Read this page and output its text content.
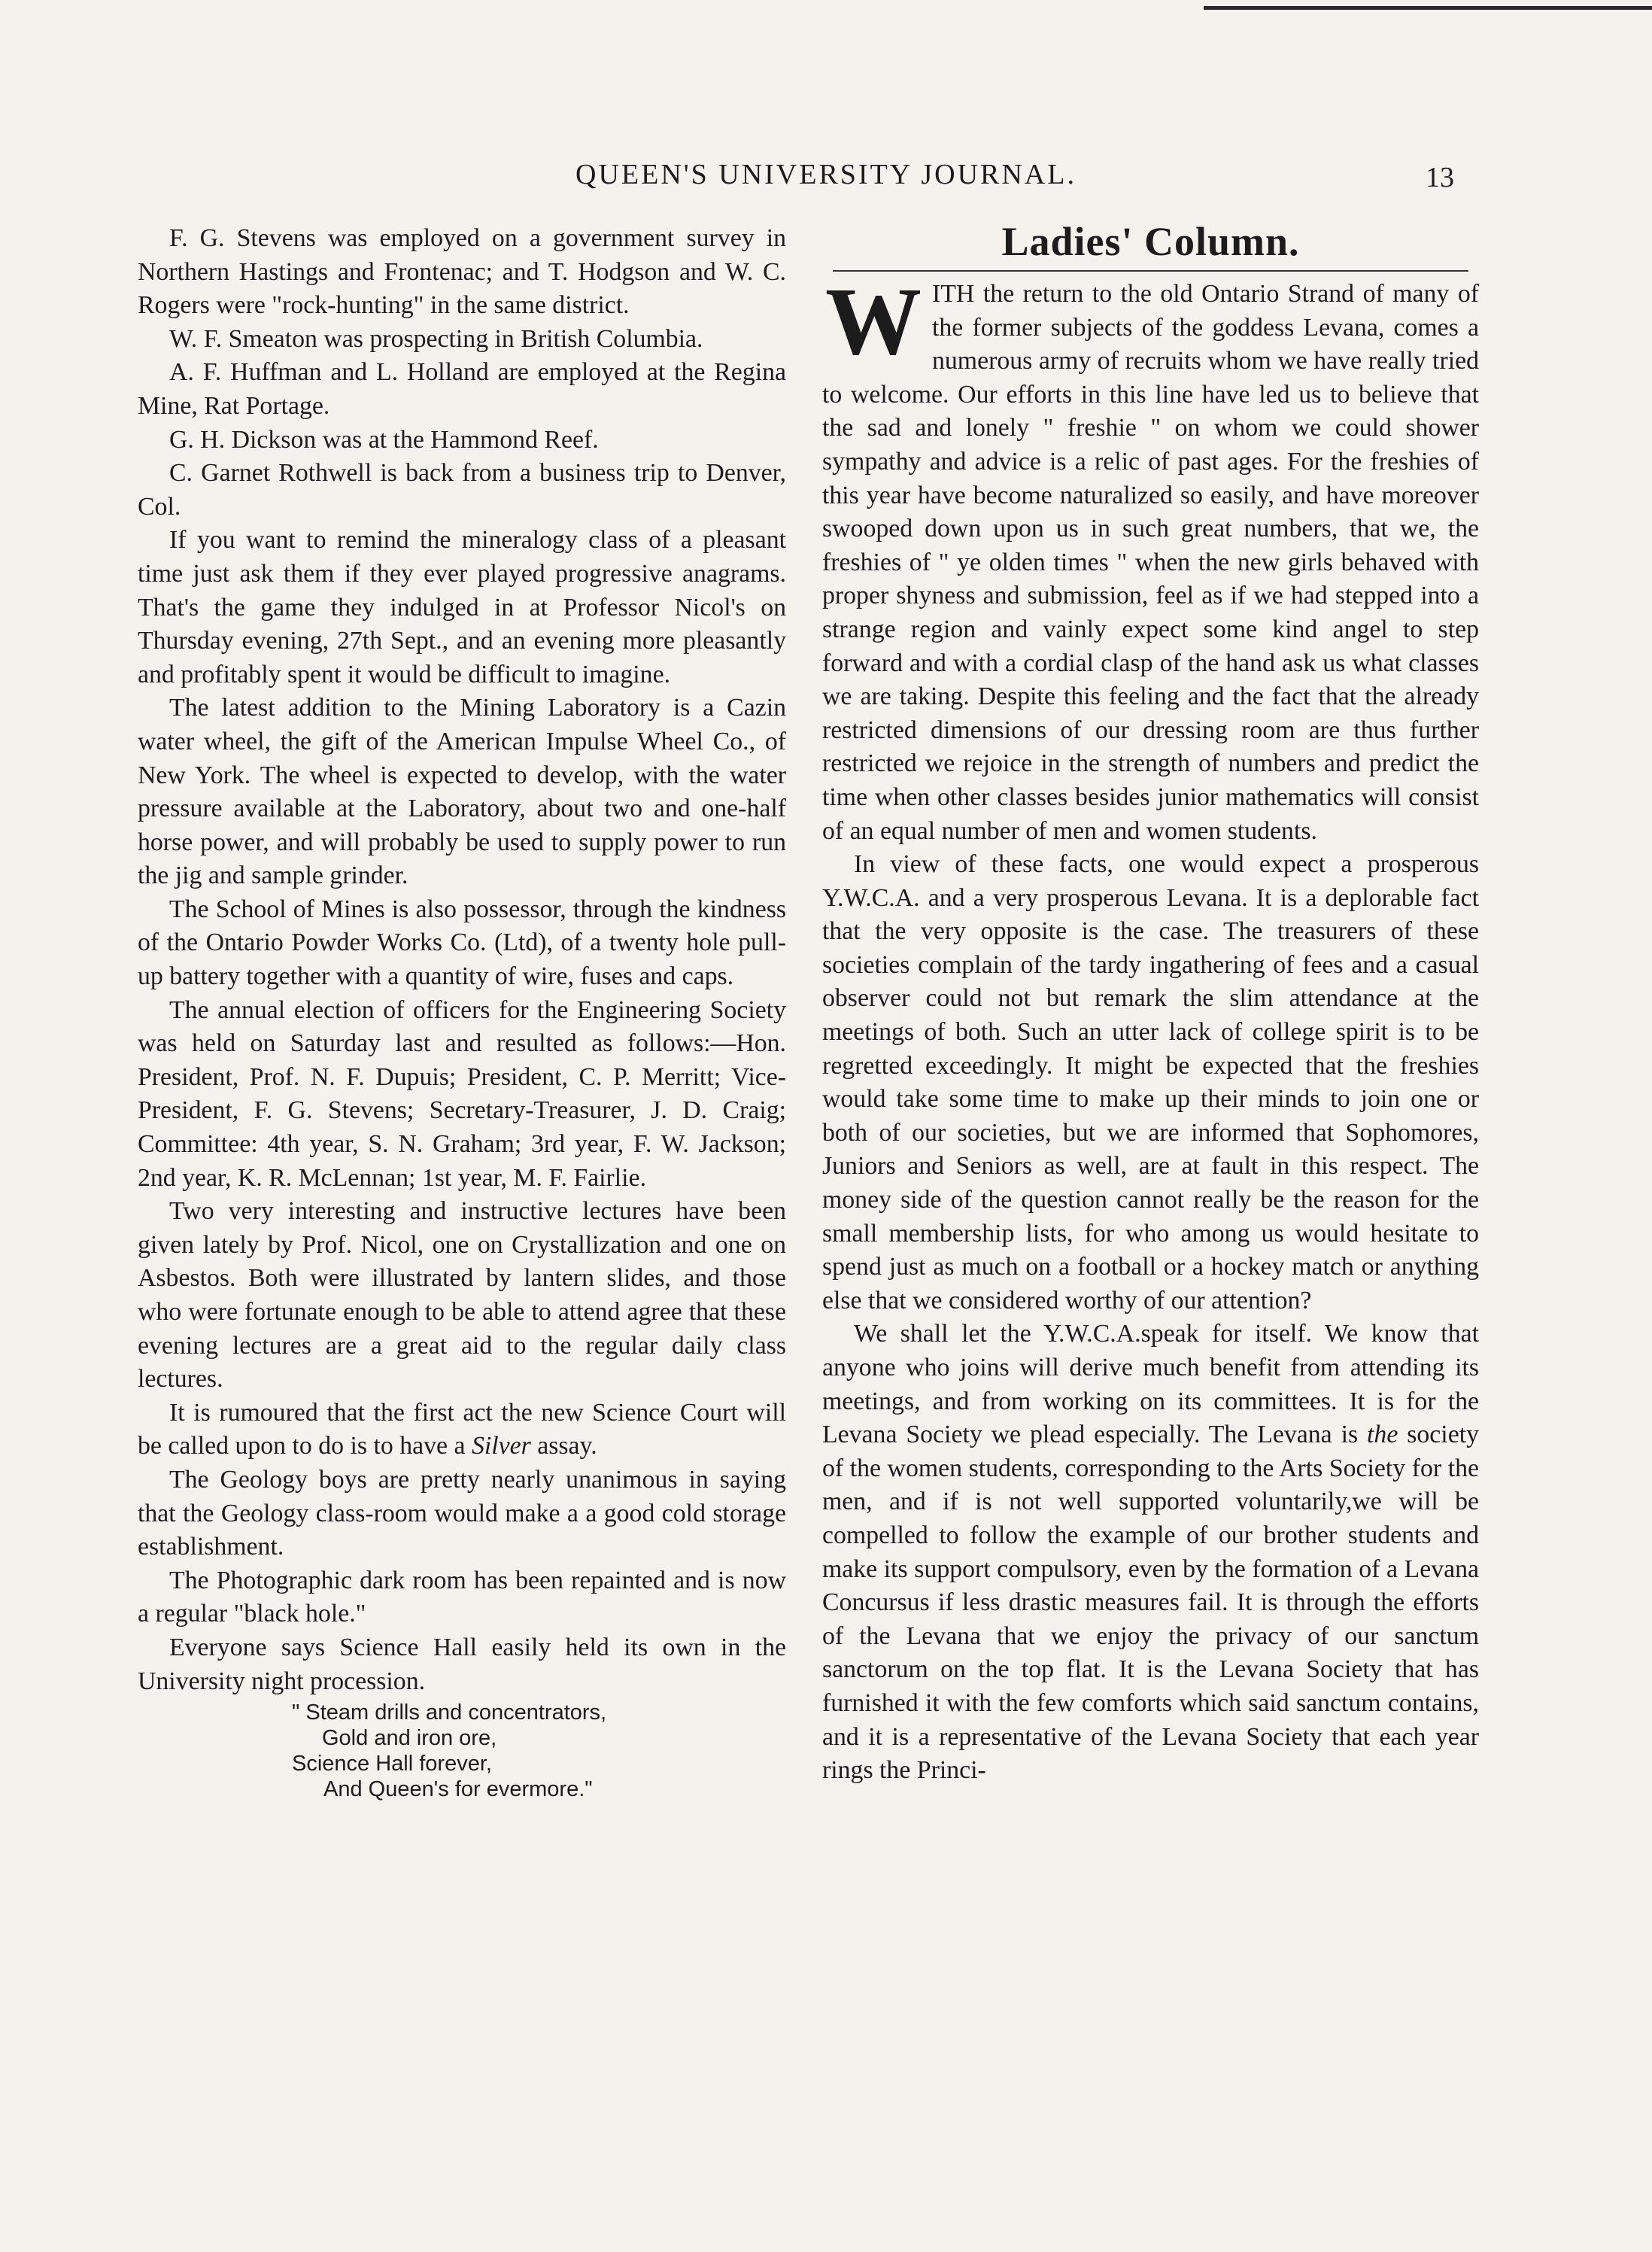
QUEEN'S UNIVERSITY JOURNAL.	13

F. G. Stevens was employed on a government survey in Northern Hastings and Frontenac; and T. Hodgson and W. C. Rogers were "rock-hunting" in the same district.

W. F. Smeaton was prospecting in British Columbia.

A. F. Huffman and L. Holland are employed at the Regina Mine, Rat Portage.

G. H. Dickson was at the Hammond Reef.

C. Garnet Rothwell is back from a business trip to Denver, Col.

If you want to remind the mineralogy class of a pleasant time just ask them if they ever played progressive anagrams. That's the game they indulged in at Professor Nicol's on Thursday evening, 27th Sept., and an evening more pleasantly and profitably spent it would be difficult to imagine.

The latest addition to the Mining Laboratory is a Cazin water wheel, the gift of the American Impulse Wheel Co., of New York. The wheel is expected to develop, with the water pressure available at the Laboratory, about two and one-half horse power, and will probably be used to supply power to run the jig and sample grinder.

The School of Mines is also possessor, through the kindness of the Ontario Powder Works Co. (Ltd), of a twenty hole pull-up battery together with a quantity of wire, fuses and caps.

The annual election of officers for the Engineering Society was held on Saturday last and resulted as follows:—Hon. President, Prof. N. F. Dupuis; President, C. P. Merritt; Vice-President, F. G. Stevens; Secretary-Treasurer, J. D. Craig; Committee: 4th year, S. N. Graham; 3rd year, F. W. Jackson; 2nd year, K. R. McLennan; 1st year, M. F. Fairlie.

Two very interesting and instructive lectures have been given lately by Prof. Nicol, one on Crystallization and one on Asbestos. Both were illustrated by lantern slides, and those who were fortunate enough to be able to attend agree that these evening lectures are a great aid to the regular daily class lectures.

It is rumoured that the first act the new Science Court will be called upon to do is to have a Silver assay.

The Geology boys are pretty nearly unanimous in saying that the Geology class-room would make a a good cold storage establishment.

The Photographic dark room has been repainted and is now a regular "black hole."

Everyone says Science Hall easily held its own in the University night procession.

" Steam drills and concentrators,
Gold and iron ore,
Science Hall forever,
And Queen's for evermore."
Ladies' Column.

WITH the return to the old Ontario Strand of many of the former subjects of the goddess Levana, comes a numerous army of recruits whom we have really tried to welcome. Our efforts in this line have led us to believe that the sad and lonely " freshie " on whom we could shower sympathy and advice is a relic of past ages. For the freshies of this year have become naturalized so easily, and have moreover swooped down upon us in such great numbers, that we, the freshies of " ye olden times " when the new girls behaved with proper shyness and submission, feel as if we had stepped into a strange region and vainly expect some kind angel to step forward and with a cordial clasp of the hand ask us what classes we are taking. Despite this feeling and the fact that the already restricted dimensions of our dressing room are thus further restricted we rejoice in the strength of numbers and predict the time when other classes besides junior mathematics will consist of an equal number of men and women students.

In view of these facts, one would expect a prosperous Y.W.C.A. and a very prosperous Levana. It is a deplorable fact that the very opposite is the case. The treasurers of these societies complain of the tardy ingathering of fees and a casual observer could not but remark the slim attendance at the meetings of both. Such an utter lack of college spirit is to be regretted exceedingly. It might be expected that the freshies would take some time to make up their minds to join one or both of our societies, but we are informed that Sophomores, Juniors and Seniors as well, are at fault in this respect. The money side of the question cannot really be the reason for the small membership lists, for who among us would hesitate to spend just as much on a football or a hockey match or anything else that we considered worthy of our attention?

We shall let the Y.W.C.A.speak for itself. We know that anyone who joins will derive much benefit from attending its meetings, and from working on its committees. It is for the Levana Society we plead especially. The Levana is the society of the women students, corresponding to the Arts Society for the men, and if is not well supported voluntarily,we will be compelled to follow the example of our brother students and make its support compulsory, even by the formation of a Levana Concursus if less drastic measures fail. It is through the efforts of the Levana that we enjoy the privacy of our sanctum sanctorum on the top flat. It is the Levana Society that has furnished it with the few comforts which said sanctum contains, and it is a representative of the Levana Society that each year rings the Princi-
